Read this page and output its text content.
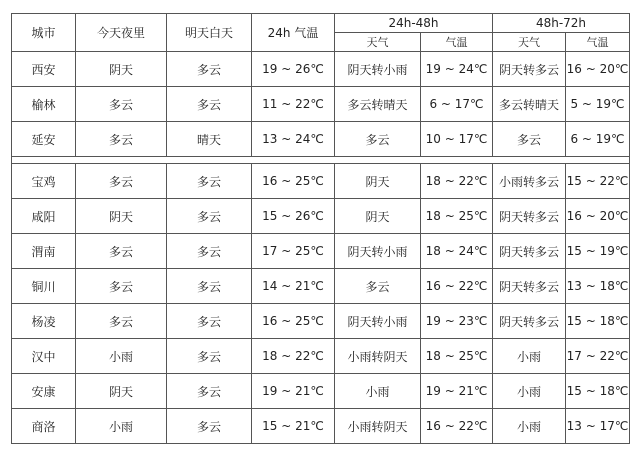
城市	今天夜里	明天白天	24h 气温	24h-48h		48h-72h	
				天气	气温	天气	气温
西安	阴天	多云	19 ~ 26℃	阴天转小雨	19 ~ 24℃	阴天转多云	16 ~ 20℃
榆林	多云	多云	11 ~ 22℃	多云转晴天	6 ~ 17℃	多云转晴天	5 ~ 19℃
延安	多云	晴天	13 ~ 24℃	多云	10 ~ 17℃	多云	6 ~ 19℃

宝鸡	多云	多云	16 ~ 25℃	阴天	18 ~ 22℃	小雨转多云	15 ~ 22℃
咸阳	阴天	多云	15 ~ 26℃	阴天	18 ~ 25℃	阴天转多云	16 ~ 20℃
渭南	多云	多云	17 ~ 25℃	阴天转小雨	18 ~ 24℃	阴天转多云	15 ~ 19℃
铜川	多云	多云	14 ~ 21℃	多云	16 ~ 22℃	阴天转多云	13 ~ 18℃
杨凌	多云	多云	16 ~ 25℃	阴天转小雨	19 ~ 23℃	阴天转多云	15 ~ 18℃
汉中	小雨	多云	18 ~ 22℃	小雨转阴天	18 ~ 25℃	小雨	17 ~ 22℃
安康	阴天	多云	19 ~ 21℃	小雨	19 ~ 21℃	小雨	15 ~ 18℃
商洛	小雨	多云	15 ~ 21℃	小雨转阴天	16 ~ 22℃	小雨	13 ~ 17℃
